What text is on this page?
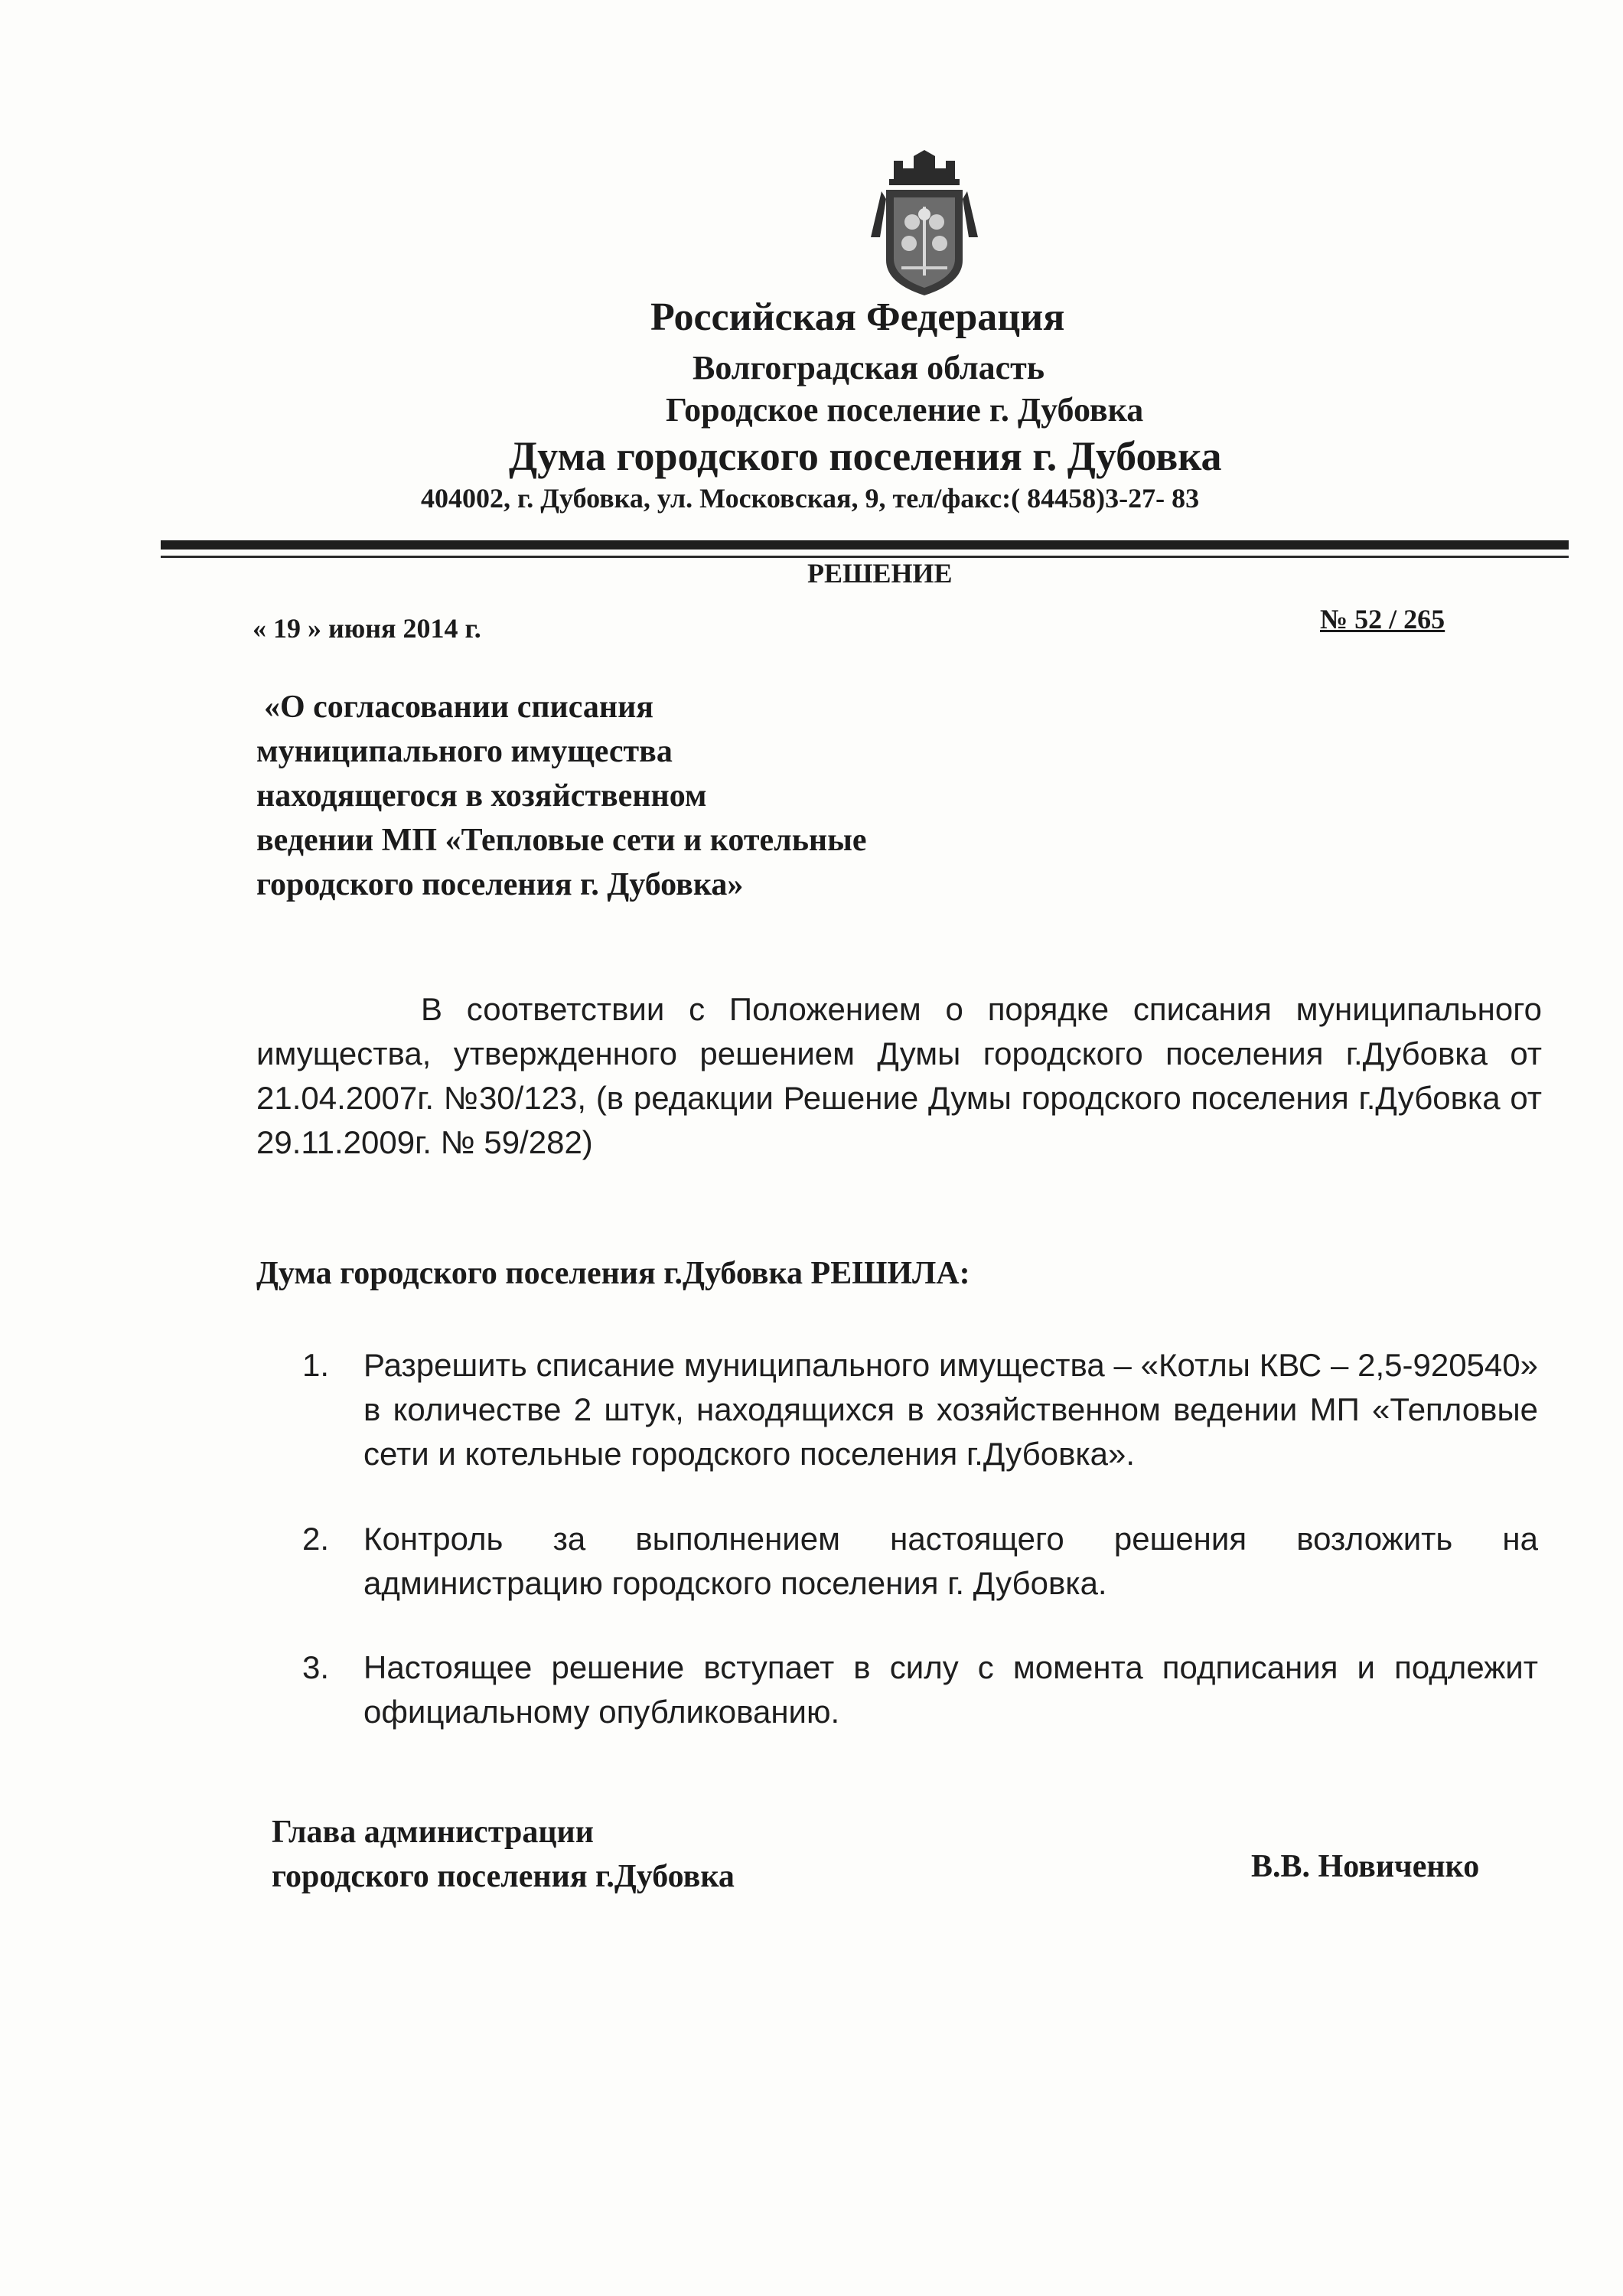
Российская Федерация
Волгоградская область
Городское поселение г. Дубовка
Дума городского поселения г. Дубовка
404002, г. Дубовка, ул. Московская, 9, тел/факс:( 84458)3-27- 83
РЕШЕНИЕ
« 19 » июня 2014 г.	№ 52 / 265
«О согласовании списания
муниципального имущества
находящегося в хозяйственном
ведении МП «Тепловые сети и котельные
городского поселения г. Дубовка»
В соответствии с Положением о порядке списания муниципального имущества, утвержденного решением Думы городского поселения г.Дубовка от 21.04.2007г. №30/123, (в редакции Решение Думы городского поселения г.Дубовка от 29.11.2009г. № 59/282)
Дума городского поселения г.Дубовка РЕШИЛА:
1.	Разрешить списание муниципального имущества – «Котлы КВС – 2,5-920540» в количестве 2 штук, находящихся в хозяйственном ведении МП «Тепловые сети и котельные городского поселения г.Дубовка».
2.	Контроль за выполнением настоящего решения возложить на администрацию городского поселения г. Дубовка.
3.	Настоящее решение вступает в силу с момента подписания и подлежит официальному опубликованию.
Глава администрации
городского поселения г.Дубовка	В.В. Новиченко
